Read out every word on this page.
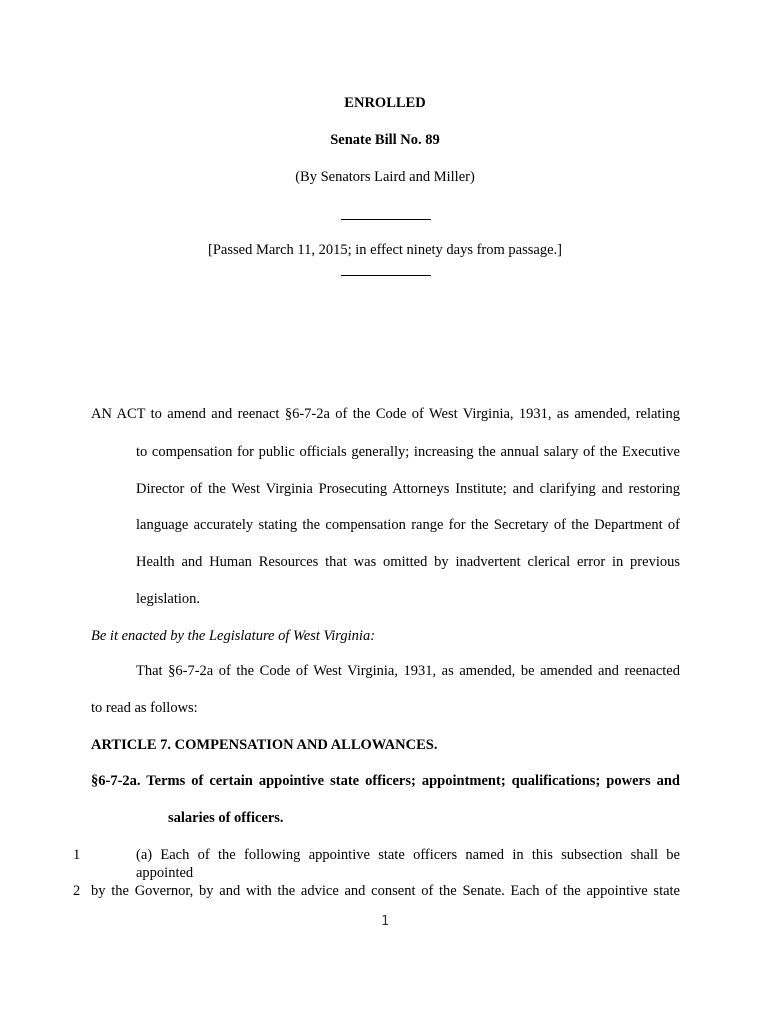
ENROLLED
Senate Bill No. 89
(By Senators Laird and Miller)
[Passed March 11, 2015; in effect ninety days from passage.]
AN ACT to amend and reenact §6-7-2a of the Code of West Virginia, 1931, as amended, relating
to compensation for public officials generally; increasing the annual salary of the Executive
Director of the West Virginia Prosecuting Attorneys Institute; and clarifying and restoring
language accurately stating the compensation range for the Secretary of the Department of
Health and Human Resources that was omitted by inadvertent clerical error in previous
legislation.
Be it enacted by the Legislature of West Virginia:
That §6-7-2a of the Code of West Virginia, 1931, as amended, be amended and reenacted
to read as follows:
ARTICLE 7. COMPENSATION AND ALLOWANCES.
§6-7-2a. Terms of certain appointive state officers; appointment; qualifications; powers and
salaries of officers.
1	(a) Each of the following appointive state officers named in this subsection shall be appointed
2 by the Governor, by and with the advice and consent of the Senate. Each of the appointive state
1
